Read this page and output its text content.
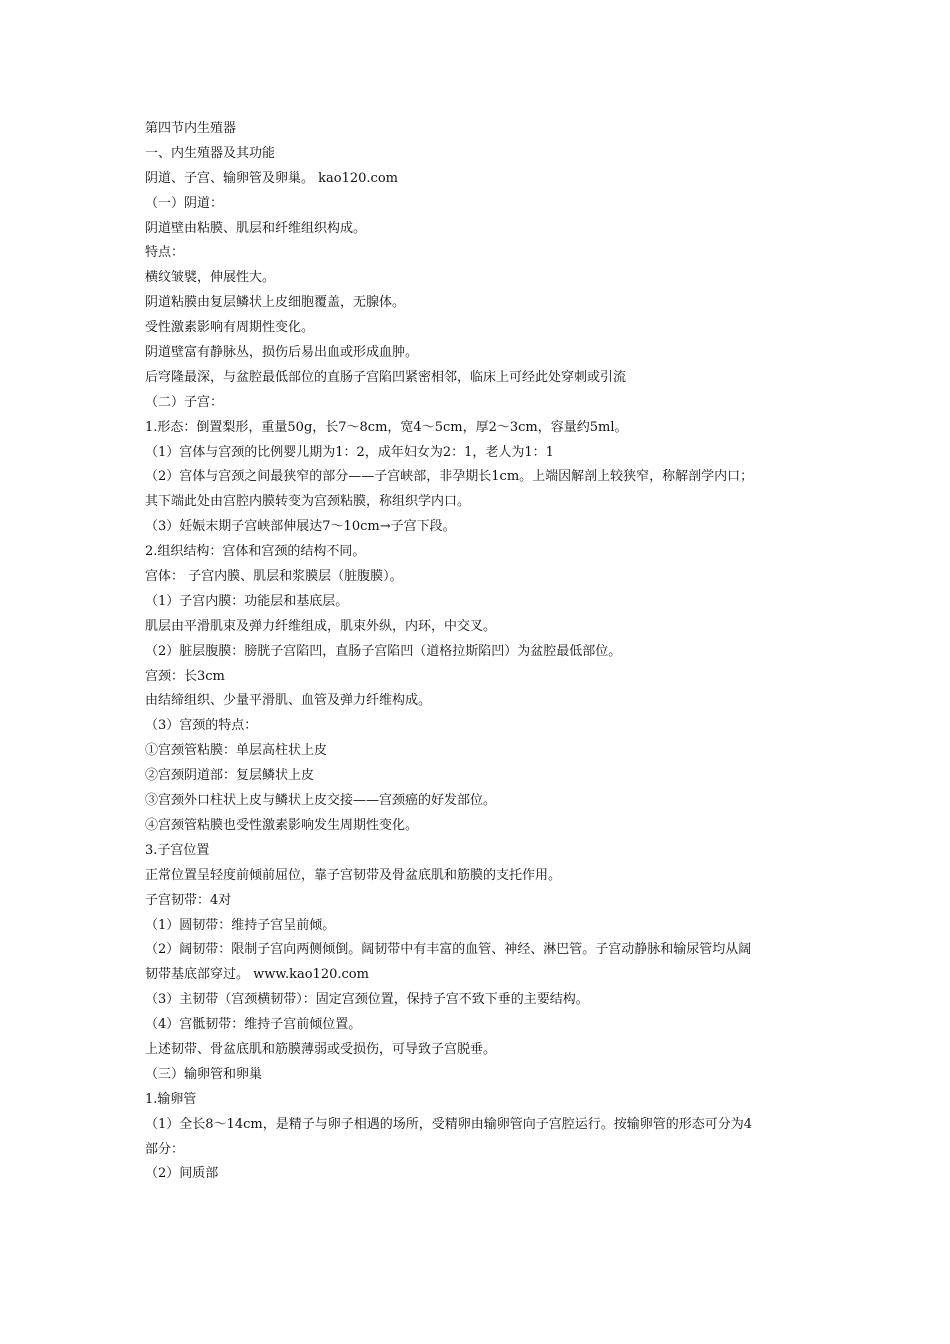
第四节内生殖器
一、内生殖器及其功能
阴道、子宫、输卵管及卵巢。 kao120.com
（一）阴道：
阴道壁由粘膜、肌层和纤维组织构成。
特点：
横纹皱襞，伸展性大。
阴道粘膜由复层鳞状上皮细胞覆盖，无腺体。
受性激素影响有周期性变化。
阴道壁富有静脉丛，损伤后易出血或形成血肿。
后穹隆最深，与盆腔最低部位的直肠子宫陷凹紧密相邻，临床上可经此处穿刺或引流
（二）子宫：
1.形态：倒置梨形，重量50g，长7～8cm，宽4～5cm，厚2～3cm，容量约5ml。
（1）宫体与宫颈的比例婴儿期为1：2，成年妇女为2：1，老人为1：1
（2）宫体与宫颈之间最狭窄的部分——子宫峡部，非孕期长1cm。上端因解剖上较狭窄，称解剖学内口；
其下端此处由宫腔内膜转变为宫颈粘膜，称组织学内口。
（3）妊娠末期子宫峡部伸展达7～10cm→子宫下段。
2.组织结构：宫体和宫颈的结构不同。
宫体： 子宫内膜、肌层和浆膜层（脏腹膜）。
（1）子宫内膜：功能层和基底层。
肌层由平滑肌束及弹力纤维组成，肌束外纵，内环，中交叉。
（2）脏层腹膜：膀胱子宫陷凹，直肠子宫陷凹（道格拉斯陷凹）为盆腔最低部位。
宫颈：长3cm
由结缔组织、少量平滑肌、血管及弹力纤维构成。
（3）宫颈的特点：
①宫颈管粘膜：单层高柱状上皮
②宫颈阴道部：复层鳞状上皮
③宫颈外口柱状上皮与鳞状上皮交接——宫颈癌的好发部位。
④宫颈管粘膜也受性激素影响发生周期性变化。
3.子宫位置
正常位置呈轻度前倾前屈位，靠子宫韧带及骨盆底肌和筋膜的支托作用。
子宫韧带：4对
（1）圆韧带：维持子宫呈前倾。
（2）阔韧带：限制子宫向两侧倾倒。阔韧带中有丰富的血管、神经、淋巴管。子宫动静脉和输尿管均从阔
韧带基底部穿过。 www.kao120.com
（3）主韧带（宫颈横韧带）：固定宫颈位置，保持子宫不致下垂的主要结构。
（4）宫骶韧带：维持子宫前倾位置。
上述韧带、骨盆底肌和筋膜薄弱或受损伤，可导致子宫脱垂。
（三）输卵管和卵巢
1.输卵管
（1）全长8～14cm，是精子与卵子相遇的场所，受精卵由输卵管向子宫腔运行。按输卵管的形态可分为4
部分：
（2）间质部
